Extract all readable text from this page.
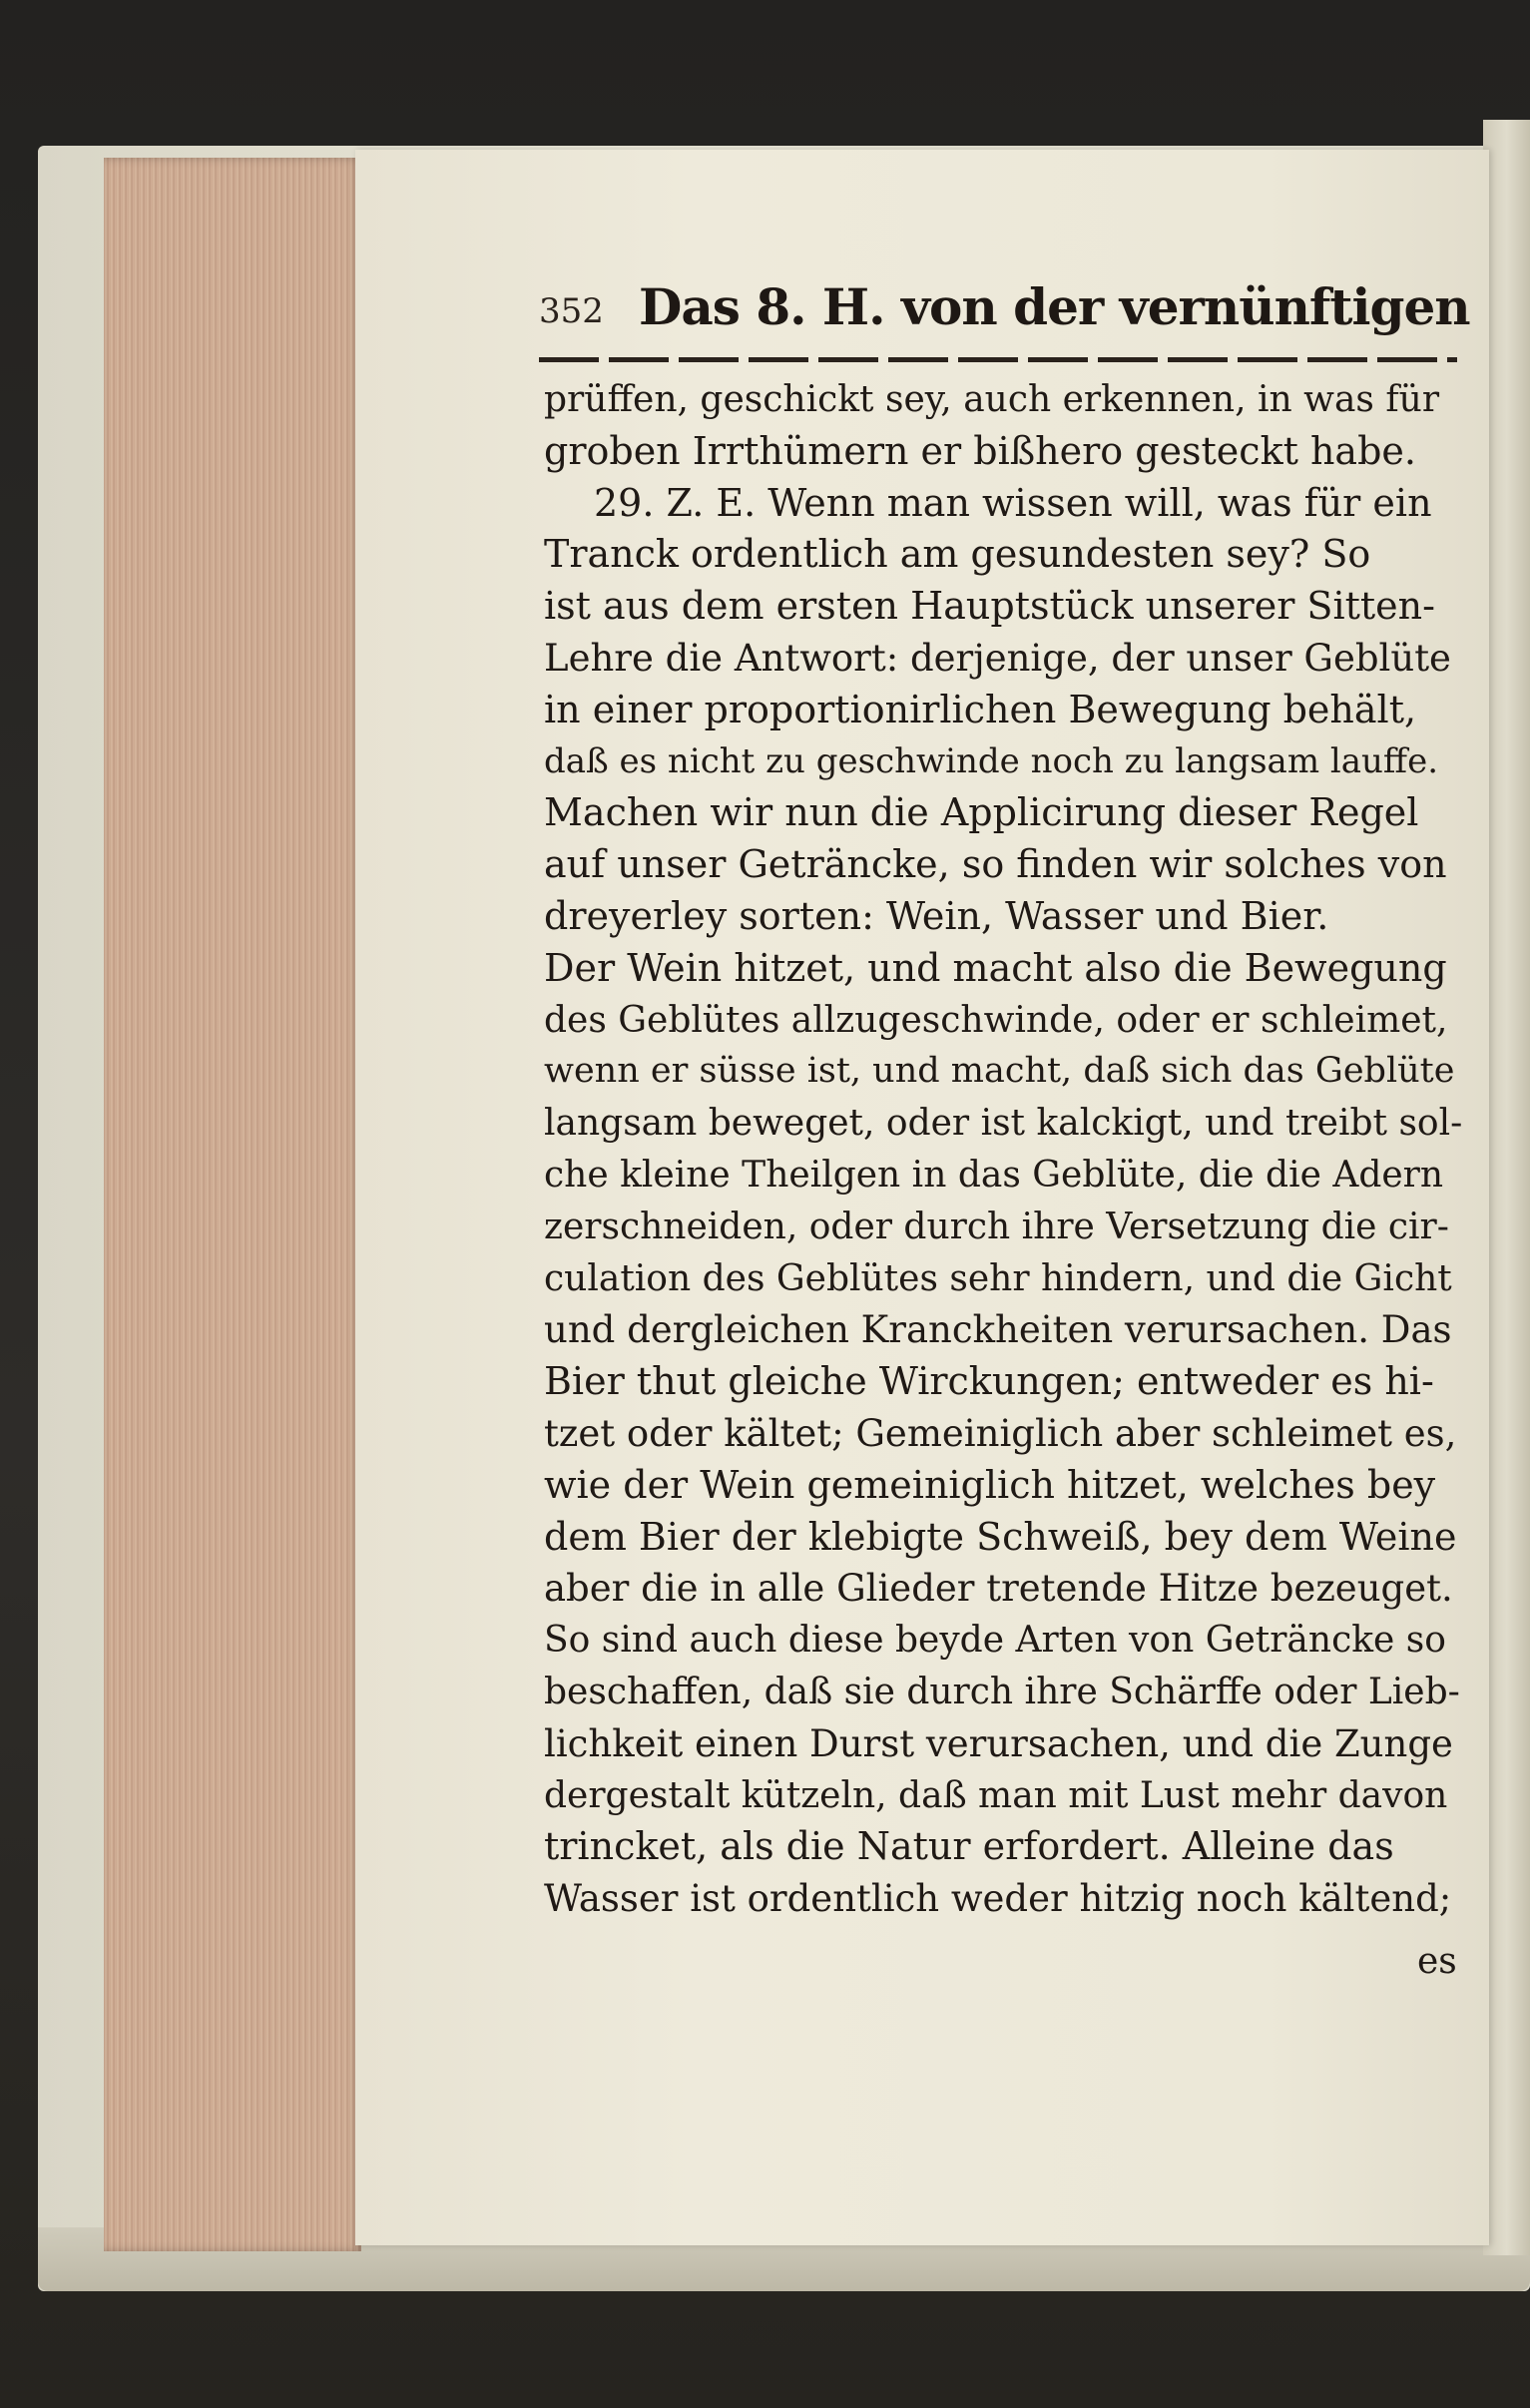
352 Das 8. H. von der vernünftigen
prüffen, geschickt sey, auch erkennen, in was für
groben Irrthümern er bißhero gesteckt habe.
29. Z. E. Wenn man wissen will, was für ein
Tranck ordentlich am gesundesten sey? So
ist aus dem ersten Hauptstück unserer Sitten-
Lehre die Antwort: derjenige, der unser Geblüte
in einer proportionirlichen Bewegung behält,
daß es nicht zu geschwinde noch zu langsam lauffe.
Machen wir nun die Applicirung dieser Regel
auf unser Geträncke, so finden wir solches von
dreyerley sorten: Wein, Wasser und Bier.
Der Wein hitzet, und macht also die Bewegung
des Geblütes allzugeschwinde, oder er schleimet,
wenn er süsse ist, und macht, daß sich das Geblüte
langsam beweget, oder ist kalckigt, und treibt sol-
che kleine Theilgen in das Geblüte, die die Adern
zerschneiden, oder durch ihre Versetzung die cir-
culation des Geblütes sehr hindern, und die Gicht
und dergleichen Kranckheiten verursachen. Das
Bier thut gleiche Wirckungen; entweder es hi-
tzet oder kältet; Gemeiniglich aber schleimet es,
wie der Wein gemeiniglich hitzet, welches bey
dem Bier der klebigte Schweiß, bey dem Weine
aber die in alle Glieder tretende Hitze bezeuget.
So sind auch diese beyde Arten von Geträncke so
beschaffen, daß sie durch ihre Schärffe oder Lieb-
lichkeit einen Durst verursachen, und die Zunge
dergestalt kützeln, daß man mit Lust mehr davon
trincket, als die Natur erfordert. Alleine das
Wasser ist ordentlich weder hitzig noch kältend;
es
